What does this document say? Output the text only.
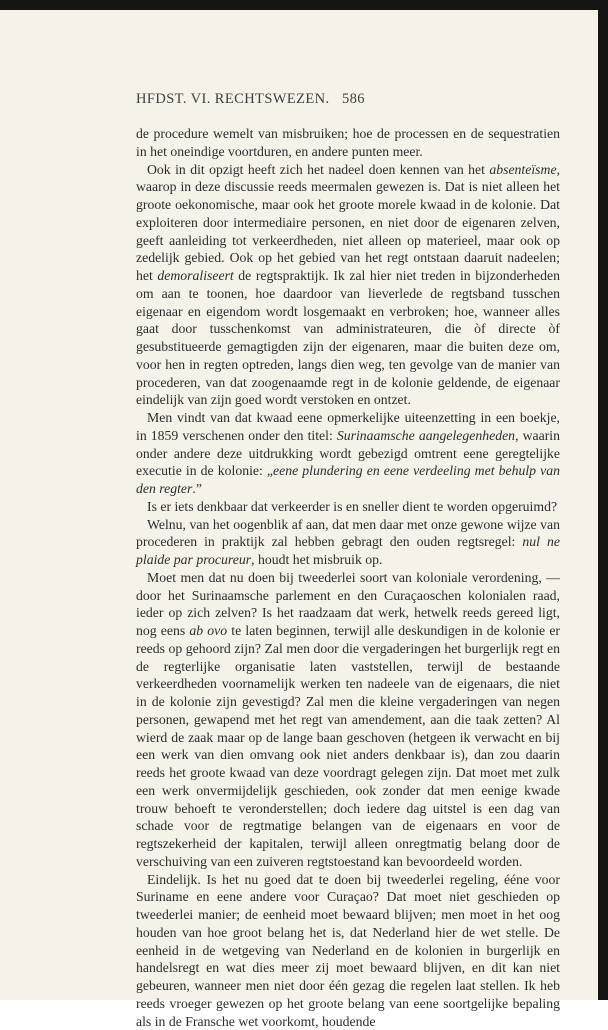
HFDST. VI. RECHTSWEZEN. 586

de procedure wemelt van misbruiken; hoe de processen en de sequestratien in het oneindige voortduren, en andere punten meer.

Ook in dit opzigt heeft zich het nadeel doen kennen van het absenteïsme, waarop in deze discussie reeds meermalen gewezen is. Dat is niet alleen het groote oekonomische, maar ook het groote morele kwaad in de kolonie. Dat exploiteren door intermediaire personen, en niet door de eigenaren zelven, geeft aanleiding tot verkeerdheden, niet alleen op materieel, maar ook op zedelijk gebied. Ook op het gebied van het regt ontstaan daaruit nadeelen; het demoraliseert de regtspraktijk. Ik zal hier niet treden in bijzonderheden om aan te toonen, hoe daardoor van lieverlede de regtsband tusschen eigenaar en eigendom wordt losgemaakt en verbroken; hoe, wanneer alles gaat door tusschenkomst van administrateuren, die òf directe òf gesubstitueerde gemagtigden zijn der eigenaren, maar die buiten deze om, voor hen in regten optreden, langs dien weg, ten gevolge van de manier van procederen, van dat zoogenaamde regt in de kolonie geldende, de eigenaar eindelijk van zijn goed wordt verstoken en ontzet.

Men vindt van dat kwaad eene opmerkelijke uiteenzetting in een boekje, in 1859 verschenen onder den titel: Surinaamsche aangelegenheden, waarin onder andere deze uitdrukking wordt gebezigd omtrent eene geregtelijke executie in de kolonie: „eene plundering en eene verdeeling met behulp van den regter.”

Is er iets denkbaar dat verkeerder is en sneller dient te worden opgeruimd?

Welnu, van het oogenblik af aan, dat men daar met onze gewone wijze van procederen in praktijk zal hebben gebragt den ouden regtsregel: nul ne plaide par procureur, houdt het misbruik op.

Moet men dat nu doen bij tweederlei soort van koloniale verordening, — door het Surinaamsche parlement en den Curaçaoschen kolonialen raad, ieder op zich zelven? Is het raadzaam dat werk, hetwelk reeds gereed ligt, nog eens ab ovo te laten beginnen, terwijl alle deskundigen in de kolonie er reeds op gehoord zijn? Zal men door die vergaderingen het burgerlijk regt en de regterlijke organisatie laten vaststellen, terwijl de bestaande verkeerdheden voornamelijk werken ten nadeele van de eigenaars, die niet in de kolonie zijn gevestigd? Zal men die kleine vergaderingen van negen personen, gewapend met het regt van amendement, aan die taak zetten? Al wierd de zaak maar op de lange baan geschoven (hetgeen ik verwacht en bij een werk van dien omvang ook niet anders denkbaar is), dan zou daarin reeds het groote kwaad van deze voordragt gelegen zijn. Dat moet met zulk een werk onvermijdelijk geschieden, ook zonder dat men eenige kwade trouw behoeft te veronderstellen; doch iedere dag uitstel is een dag van schade voor de regtmatige belangen van de eigenaars en voor de regtszekerheid der kapitalen, terwijl alleen onregtmatig belang door de verschuiving van een zuiveren regtstoestand kan bevoordeeld worden.

Eindelijk. Is het nu goed dat te doen bij tweederlei regeling, éénе voor Suriname en eene andere voor Curaçao? Dat moet niet geschieden op tweederlei manier; de eenheid moet bewaard blijven; men moet in het oog houden van hoe groot belang het is, dat Nederland hier de wet stelle. De eenheid in de wetgeving van Nederland en de kolonien in burgerlijk en handelsregt en wat dies meer zij moet bewaard blijven, en dit kan niet gebeuren, wanneer men niet door één gezag die regelen laat stellen. Ik heb reeds vroeger gewezen op het groote belang van eene soortgelijke bepaling als in de Fransche wet voorkomt, houdende
